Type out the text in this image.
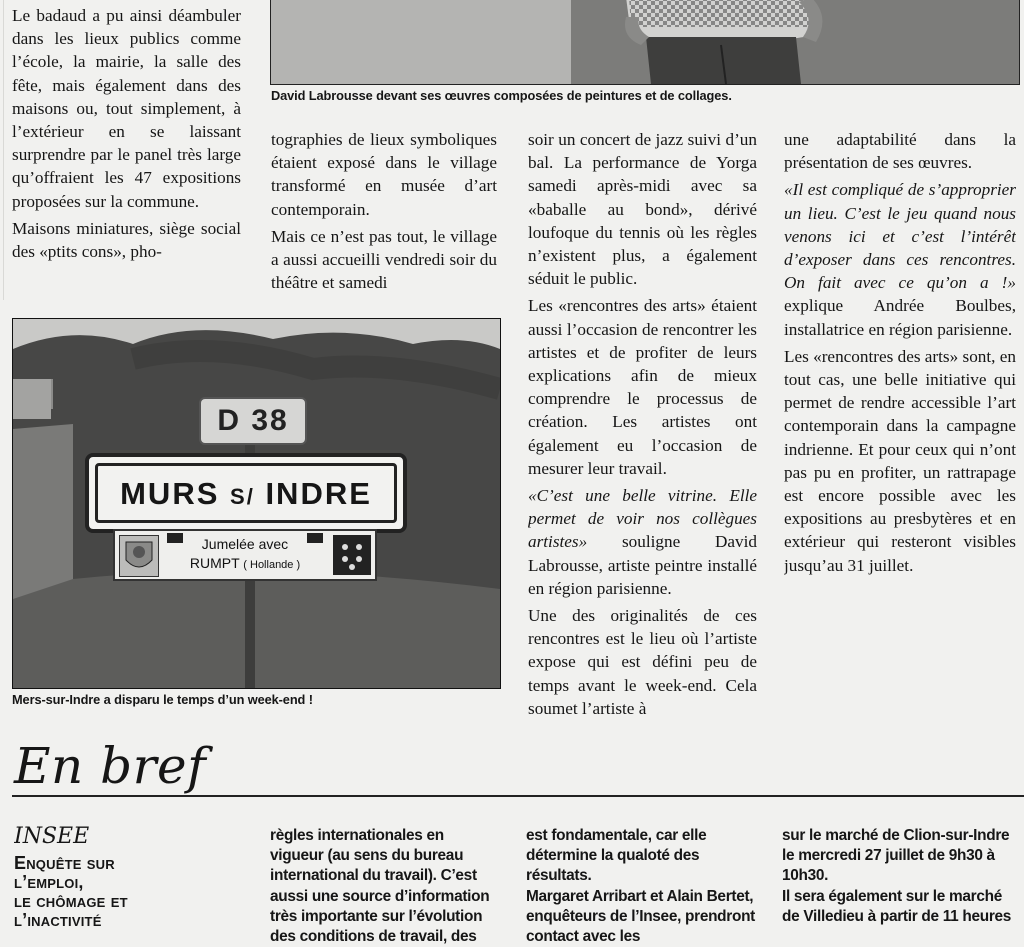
David Labrousse devant ses œuvres composées de peintures et de collages.

Le badaud a pu ainsi déambuler dans les lieux publics comme l’école, la mairie, la salle des fête, mais également dans des maisons ou, tout simplement, à l’extérieur en se laissant surprendre par le panel très large qu’offraient les 47 expositions proposées sur la commune.

Maisons miniatures, siège social des «ptits cons», pho-

tographies de lieux symboliques étaient exposé dans le village transformé en musée d’art contemporain.

Mais ce n’est pas tout, le village a aussi accueilli vendredi soir du théâtre et samedi

D 38
MURS S/ INDRE
Jumelée avec
RUMPT ( Hollande )
Mers-sur-Indre a disparu le temps d’un week-end !

soir un concert de jazz suivi d’un bal. La performance de Yorga samedi après-midi avec sa «baballe au bond», dérivé loufoque du tennis où les règles n’existent plus, a également séduit le public.

Les «rencontres des arts» étaient aussi l’occasion de rencontrer les artistes et de profiter de leurs explications afin de mieux comprendre le processus de création. Les artistes ont également eu l’occasion de mesurer leur travail.

«C’est une belle vitrine. Elle permet de voir nos collègues artistes» souligne David Labrousse, artiste peintre installé en région parisienne.

Une des originalités de ces rencontres est le lieu où l’artiste expose qui est défini peu de temps avant le week-end. Cela soumet l’artiste à

une adaptabilité dans la présentation de ses œuvres.

«Il est compliqué de s’approprier un lieu. C’est le jeu quand nous venons ici et c’est l’intérêt d’exposer dans ces rencontres. On fait avec ce qu’on a !» explique Andrée Boulbes, installatrice en région parisienne.

Les «rencontres des arts» sont, en tout cas, une belle initiative qui permet de rendre accessible l’art contemporain dans la campagne indrienne. Et pour ceux qui n’ont pas pu en profiter, un rattrapage est encore possible avec les expositions au presbytères et en extérieur qui resteront visibles jusqu’au 31 juillet.

En bref
INSEE
Enquête sur
l’emploi,
le chômage et
l’inactivité

règles internationales en vigueur (au sens du bureau international du travail). C’est aussi une source d’information très importante sur l’évolution des conditions de travail, des

est fondamentale, car elle détermine la qualoté des résultats.

Margaret Arribart et Alain Bertet, enquêteurs de l’Insee, prendront contact avec les

sur le marché de Clion-sur-Indre le mercredi 27 juillet de 9h30 à 10h30.

Il sera également sur le marché de Villedieu à partir de 11 heures
